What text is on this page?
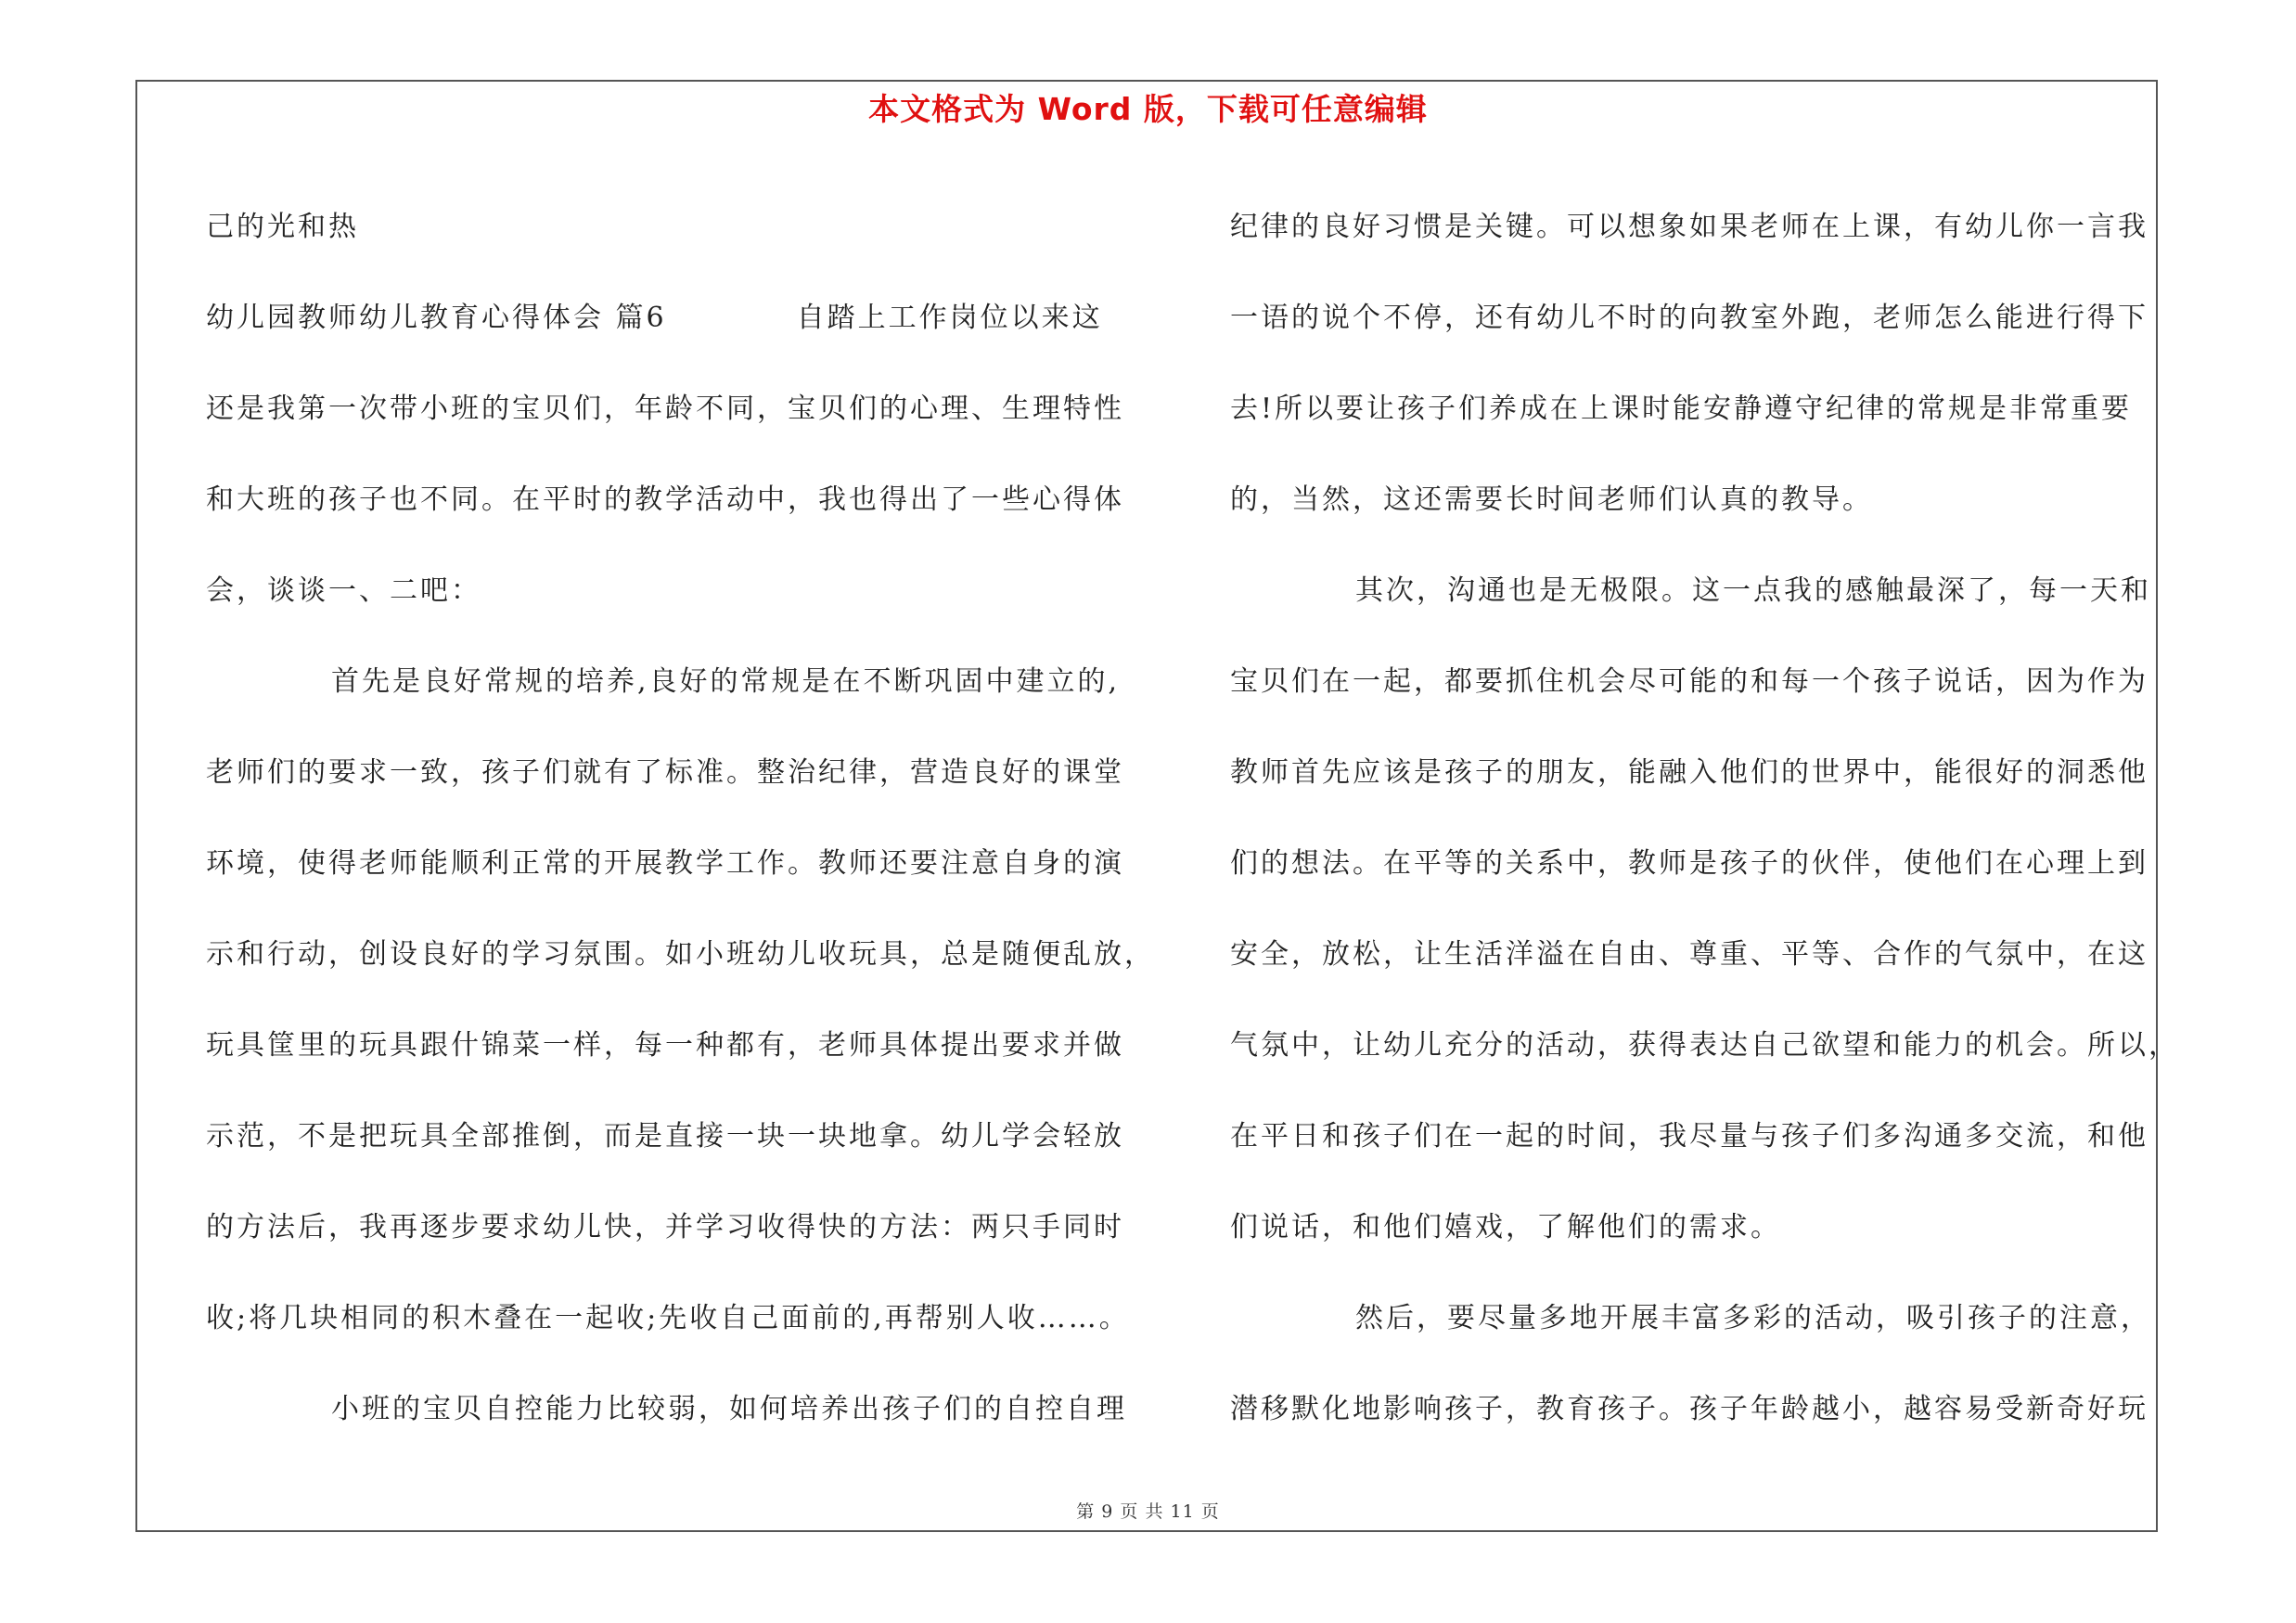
本文格式为 Word 版，下载可任意编辑
己的光和热
幼儿园教师幼儿教育心得体会 篇6	自踏上工作岗位以来这
还是我第一次带小班的宝贝们，年龄不同，宝贝们的心理、生理特性
和大班的孩子也不同。在平时的教学活动中，我也得出了一些心得体
会，谈谈一、二吧：
首先是良好常规的培养,良好的常规是在不断巩固中建立的,
老师们的要求一致，孩子们就有了标准。整治纪律，营造良好的课堂
环境，使得老师能顺利正常的开展教学工作。教师还要注意自身的演
示和行动，创设良好的学习氛围。如小班幼儿收玩具，总是随便乱放，
玩具筐里的玩具跟什锦菜一样，每一种都有，老师具体提出要求并做
示范，不是把玩具全部推倒，而是直接一块一块地拿。幼儿学会轻放
的方法后，我再逐步要求幼儿快，并学习收得快的方法：两只手同时
收;将几块相同的积木叠在一起收;先收自己面前的,再帮别人收……。
小班的宝贝自控能力比较弱，如何培养出孩子们的自控自理
纪律的良好习惯是关键。可以想象如果老师在上课，有幼儿你一言我
一语的说个不停，还有幼儿不时的向教室外跑，老师怎么能进行得下
去!所以要让孩子们养成在上课时能安静遵守纪律的常规是非常重要
的，当然，这还需要长时间老师们认真的教导。
其次，沟通也是无极限。这一点我的感触最深了，每一天和
宝贝们在一起，都要抓住机会尽可能的和每一个孩子说话，因为作为
教师首先应该是孩子的朋友，能融入他们的世界中，能很好的洞悉他
们的想法。在平等的关系中，教师是孩子的伙伴，使他们在心理上到
安全，放松，让生活洋溢在自由、尊重、平等、合作的气氛中，在这
气氛中，让幼儿充分的活动，获得表达自己欲望和能力的机会。所以，
在平日和孩子们在一起的时间，我尽量与孩子们多沟通多交流，和他
们说话，和他们嬉戏，了解他们的需求。
然后，要尽量多地开展丰富多彩的活动，吸引孩子的注意，
潜移默化地影响孩子，教育孩子。孩子年龄越小，越容易受新奇好玩
第 9 页 共 11 页
